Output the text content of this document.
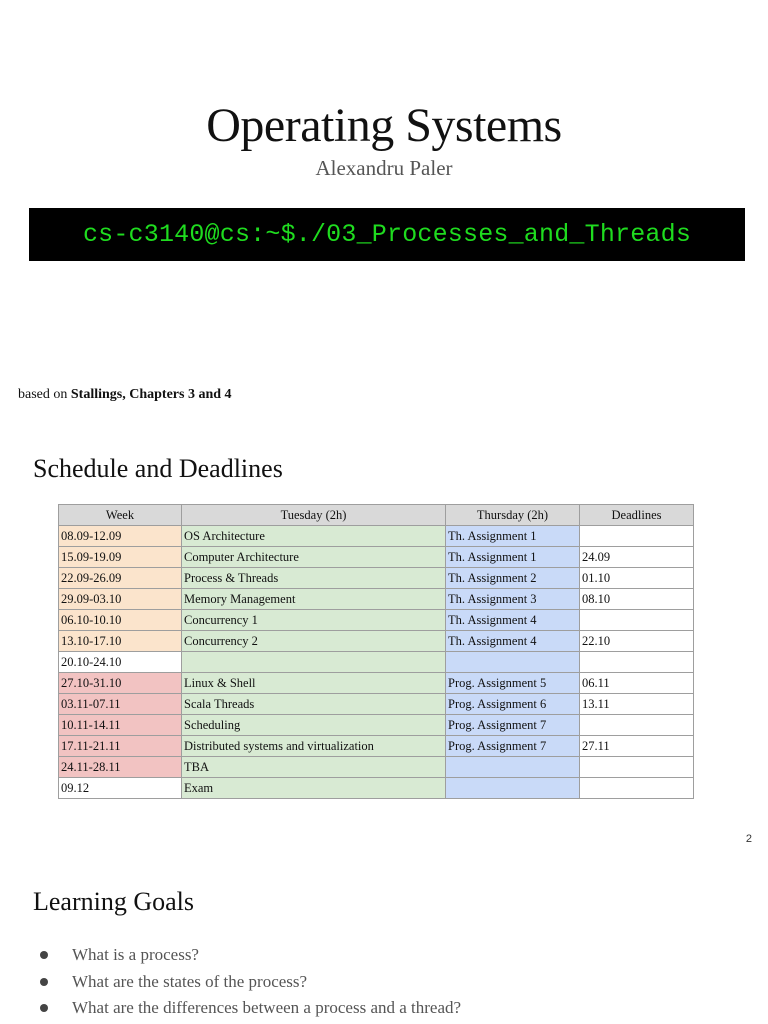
Operating Systems
Alexandru Paler
cs-c3140@cs:~$./03_Processes_and_Threads
based on Stallings, Chapters 3 and 4
Schedule and Deadlines
Week	Tuesday (2h)	Thursday (2h)	Deadlines
08.09-12.09	OS Architecture	Th. Assignment 1	
15.09-19.09	Computer Architecture	Th. Assignment 1	24.09
22.09-26.09	Process & Threads	Th. Assignment 2	01.10
29.09-03.10	Memory Management	Th. Assignment 3	08.10
06.10-10.10	Concurrency 1	Th. Assignment 4	
13.10-17.10	Concurrency 2	Th. Assignment 4	22.10
20.10-24.10			
27.10-31.10	Linux & Shell	Prog. Assignment 5	06.11
03.11-07.11	Scala Threads	Prog. Assignment 6	13.11
10.11-14.11	Scheduling	Prog. Assignment 7	
17.11-21.11	Distributed systems and virtualization	Prog. Assignment 7	27.11
24.11-28.11	TBA		
09.12	Exam		
2
Learning Goals
What is a process?
What are the states of the process?
What are the differences between a process and a thread?
